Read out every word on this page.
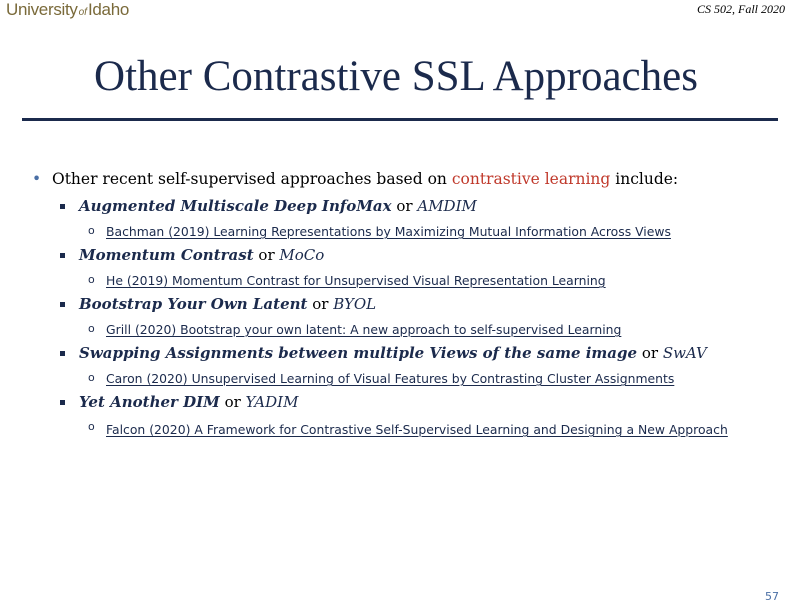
University of Idaho	CS 502, Fall 2020
Other Contrastive SSL Approaches
• Other recent self-supervised approaches based on contrastive learning include:
Augmented Multiscale Deep InfoMax or AMDIM
o Bachman (2019) Learning Representations by Maximizing Mutual Information Across Views
Momentum Contrast or MoCo
o He (2019) Momentum Contrast for Unsupervised Visual Representation Learning
Bootstrap Your Own Latent or BYOL
o Grill (2020) Bootstrap your own latent: A new approach to self-supervised Learning
Swapping Assignments between multiple Views of the same image or SwAV
o Caron (2020) Unsupervised Learning of Visual Features by Contrasting Cluster Assignments
Yet Another DIM or YADIM
o Falcon (2020) A Framework for Contrastive Self-Supervised Learning and Designing a New Approach
57
